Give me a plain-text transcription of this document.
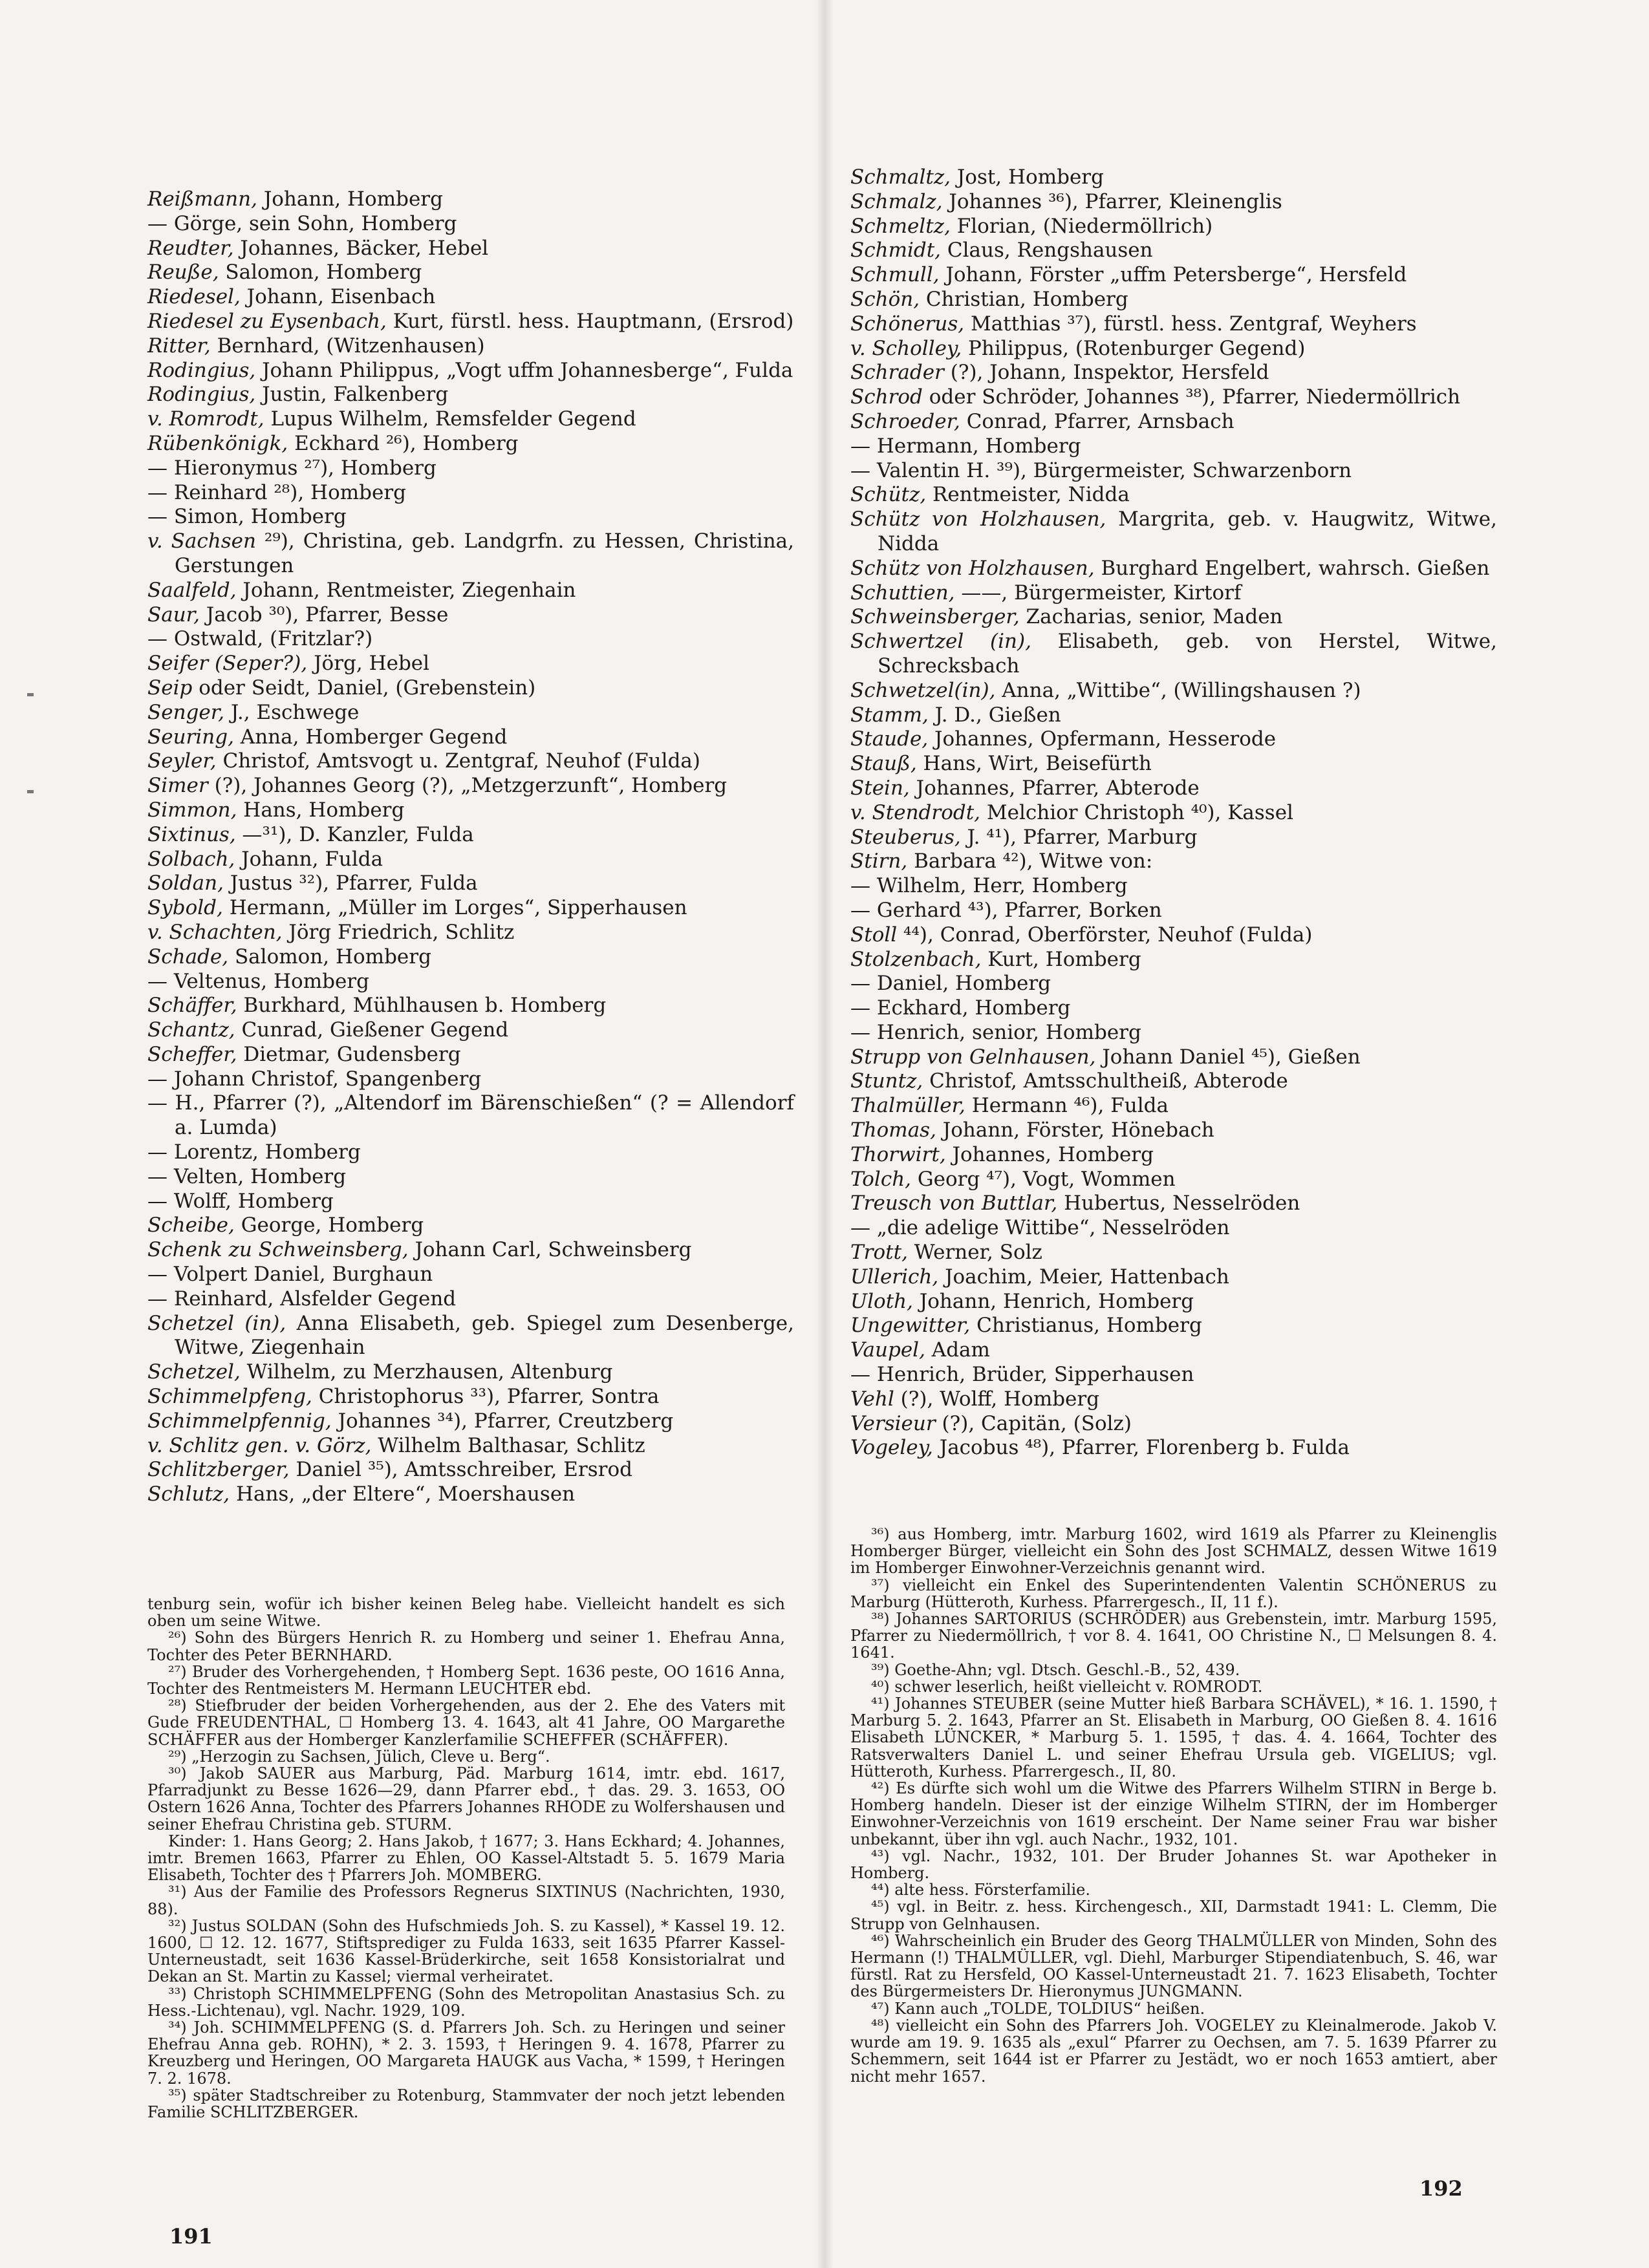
Reißmann, Johann, Homberg
— Görge, sein Sohn, Homberg
Reudter, Johannes, Bäcker, Hebel
Reuße, Salomon, Homberg
Riedesel, Johann, Eisenbach
Riedesel zu Eysenbach, Kurt, fürstl. hess. Hauptmann, (Ersrod)
Ritter, Bernhard, (Witzenhausen)
Rodingius, Johann Philippus, „Vogt uffm Johannesberge“, Fulda
Rodingius, Justin, Falkenberg
v. Romrodt, Lupus Wilhelm, Remsfelder Gegend
Rübenkönigk, Eckhard ²⁶), Homberg
— Hieronymus ²⁷), Homberg
— Reinhard ²⁸), Homberg
— Simon, Homberg
v. Sachsen ²⁹), Christina, geb. Landgrfn. zu Hessen, Christina, Gerstungen
Saalfeld, Johann, Rentmeister, Ziegenhain
Saur, Jacob ³⁰), Pfarrer, Besse
— Ostwald, (Fritzlar?)
Seifer (Seper?), Jörg, Hebel
Seip oder Seidt, Daniel, (Grebenstein)
Senger, J., Eschwege
Seuring, Anna, Homberger Gegend
Seyler, Christof, Amtsvogt u. Zentgraf, Neuhof (Fulda)
Simer (?), Johannes Georg (?), „Metzgerzunft“, Homberg
Simmon, Hans, Homberg
Sixtinus, —³¹), D. Kanzler, Fulda
Solbach, Johann, Fulda
Soldan, Justus ³²), Pfarrer, Fulda
Sybold, Hermann, „Müller im Lorges“, Sipperhausen
v. Schachten, Jörg Friedrich, Schlitz
Schade, Salomon, Homberg
— Veltenus, Homberg
Schäffer, Burkhard, Mühlhausen b. Homberg
Schantz, Cunrad, Gießener Gegend
Scheffer, Dietmar, Gudensberg
— Johann Christof, Spangenberg
— H., Pfarrer (?), „Altendorf im Bärenschießen“ (? = Allendorf a. Lumda)
— Lorentz, Homberg
— Velten, Homberg
— Wolff, Homberg
Scheibe, George, Homberg
Schenk zu Schweinsberg, Johann Carl, Schweinsberg
— Volpert Daniel, Burghaun
— Reinhard, Alsfelder Gegend
Schetzel (in), Anna Elisabeth, geb. Spiegel zum Desenberge, Witwe, Ziegenhain
Schetzel, Wilhelm, zu Merzhausen, Altenburg
Schimmelpfeng, Christophorus ³³), Pfarrer, Sontra
Schimmelpfennig, Johannes ³⁴), Pfarrer, Creutzberg
v. Schlitz gen. v. Görz, Wilhelm Balthasar, Schlitz
Schlitzberger, Daniel ³⁵), Amtsschreiber, Ersrod
Schlutz, Hans, „der Eltere“, Moershausen

tenburg sein, wofür ich bisher keinen Beleg habe. Vielleicht handelt es sich oben um seine Witwe.

²⁶) Sohn des Bürgers Henrich R. zu Homberg und seiner 1. Ehefrau Anna, Tochter des Peter BERNHARD.

²⁷) Bruder des Vorhergehenden, † Homberg Sept. 1636 peste, OO 1616 Anna, Tochter des Rentmeisters M. Hermann LEUCHTER ebd.

²⁸) Stiefbruder der beiden Vorhergehenden, aus der 2. Ehe des Vaters mit Gude FREUDENTHAL, ☐ Homberg 13. 4. 1643, alt 41 Jahre, OO Margarethe SCHÄFFER aus der Homberger Kanzlerfamilie SCHEFFER (SCHÄFFER).

²⁹) „Herzogin zu Sachsen, Jülich, Cleve u. Berg“.

³⁰) Jakob SAUER aus Marburg, Päd. Marburg 1614, imtr. ebd. 1617, Pfarradjunkt zu Besse 1626—29, dann Pfarrer ebd., † das. 29. 3. 1653, OO Ostern 1626 Anna, Tochter des Pfarrers Johannes RHODE zu Wolfershausen und seiner Ehefrau Christina geb. STURM.

Kinder: 1. Hans Georg; 2. Hans Jakob, † 1677; 3. Hans Eckhard; 4. Johannes, imtr. Bremen 1663, Pfarrer zu Ehlen, OO Kassel-Altstadt 5. 5. 1679 Maria Elisabeth, Tochter des † Pfarrers Joh. MOMBERG.

³¹) Aus der Familie des Professors Regnerus SIXTINUS (Nachrichten, 1930, 88).

³²) Justus SOLDAN (Sohn des Hufschmieds Joh. S. zu Kassel), * Kassel 19. 12. 1600, ☐ 12. 12. 1677, Stiftsprediger zu Fulda 1633, seit 1635 Pfarrer Kassel-Unterneustadt, seit 1636 Kassel-Brüderkirche, seit 1658 Konsistorialrat und Dekan an St. Martin zu Kassel; viermal verheiratet.

³³) Christoph SCHIMMELPFENG (Sohn des Metropolitan Anastasius Sch. zu Hess.-Lichtenau), vgl. Nachr. 1929, 109.

³⁴) Joh. SCHIMMELPFENG (S. d. Pfarrers Joh. Sch. zu Heringen und seiner Ehefrau Anna geb. ROHN), * 2. 3. 1593, † Heringen 9. 4. 1678, Pfarrer zu Kreuzberg und Heringen, OO Margareta HAUGK aus Vacha, * 1599, † Heringen 7. 2. 1678.

³⁵) später Stadtschreiber zu Rotenburg, Stammvater der noch jetzt lebenden Familie SCHLITZBERGER.

191
Schmaltz, Jost, Homberg
Schmalz, Johannes ³⁶), Pfarrer, Kleinenglis
Schmeltz, Florian, (Niedermöllrich)
Schmidt, Claus, Rengshausen
Schmull, Johann, Förster „uffm Petersberge“, Hersfeld
Schön, Christian, Homberg
Schönerus, Matthias ³⁷), fürstl. hess. Zentgraf, Weyhers
v. Scholley, Philippus, (Rotenburger Gegend)
Schrader (?), Johann, Inspektor, Hersfeld
Schrod oder Schröder, Johannes ³⁸), Pfarrer, Niedermöllrich
Schroeder, Conrad, Pfarrer, Arnsbach
— Hermann, Homberg
— Valentin H. ³⁹), Bürgermeister, Schwarzenborn
Schütz, Rentmeister, Nidda
Schütz von Holzhausen, Margrita, geb. v. Haugwitz, Witwe, Nidda
Schütz von Holzhausen, Burghard Engelbert, wahrsch. Gießen
Schuttien, ——, Bürgermeister, Kirtorf
Schweinsberger, Zacharias, senior, Maden
Schwertzel (in), Elisabeth, geb. von Herstel, Witwe, Schrecksbach
Schwetzel(in), Anna, „Wittibe“, (Willingshausen ?)
Stamm, J. D., Gießen
Staude, Johannes, Opfermann, Hesserode
Stauß, Hans, Wirt, Beisefürth
Stein, Johannes, Pfarrer, Abterode
v. Stendrodt, Melchior Christoph ⁴⁰), Kassel
Steuberus, J. ⁴¹), Pfarrer, Marburg
Stirn, Barbara ⁴²), Witwe von:
— Wilhelm, Herr, Homberg
— Gerhard ⁴³), Pfarrer, Borken
Stoll ⁴⁴), Conrad, Oberförster, Neuhof (Fulda)
Stolzenbach, Kurt, Homberg
— Daniel, Homberg
— Eckhard, Homberg
— Henrich, senior, Homberg
Strupp von Gelnhausen, Johann Daniel ⁴⁵), Gießen
Stuntz, Christof, Amtsschultheiß, Abterode
Thalmüller, Hermann ⁴⁶), Fulda
Thomas, Johann, Förster, Hönebach
Thorwirt, Johannes, Homberg
Tolch, Georg ⁴⁷), Vogt, Wommen
Treusch von Buttlar, Hubertus, Nesselröden
— „die adelige Wittibe“, Nesselröden
Trott, Werner, Solz
Ullerich, Joachim, Meier, Hattenbach
Uloth, Johann, Henrich, Homberg
Ungewitter, Christianus, Homberg
Vaupel, Adam
— Henrich, Brüder, Sipperhausen
Vehl (?), Wolff, Homberg
Versieur (?), Capitän, (Solz)
Vogeley, Jacobus ⁴⁸), Pfarrer, Florenberg b. Fulda

³⁶) aus Homberg, imtr. Marburg 1602, wird 1619 als Pfarrer zu Kleinenglis Homberger Bürger, vielleicht ein Sohn des Jost SCHMALZ, dessen Witwe 1619 im Homberger Einwohner-Verzeichnis genannt wird.

³⁷) vielleicht ein Enkel des Superintendenten Valentin SCHÖNERUS zu Marburg (Hütteroth, Kurhess. Pfarrergesch., II, 11 f.).

³⁸) Johannes SARTORIUS (SCHRÖDER) aus Grebenstein, imtr. Marburg 1595, Pfarrer zu Niedermöllrich, † vor 8. 4. 1641, OO Christine N., ☐ Melsungen 8. 4. 1641.

³⁹) Goethe-Ahn; vgl. Dtsch. Geschl.-B., 52, 439.

⁴⁰) schwer leserlich, heißt vielleicht v. ROMRODT.

⁴¹) Johannes STEUBER (seine Mutter hieß Barbara SCHÄVEL), * 16. 1. 1590, † Marburg 5. 2. 1643, Pfarrer an St. Elisabeth in Marburg, OO Gießen 8. 4. 1616 Elisabeth LÜNCKER, * Marburg 5. 1. 1595, † das. 4. 4. 1664, Tochter des Ratsverwalters Daniel L. und seiner Ehefrau Ursula geb. VIGELIUS; vgl. Hütteroth, Kurhess. Pfarrergesch., II, 80.

⁴²) Es dürfte sich wohl um die Witwe des Pfarrers Wilhelm STIRN in Berge b. Homberg handeln. Dieser ist der einzige Wilhelm STIRN, der im Homberger Einwohner-Verzeichnis von 1619 erscheint. Der Name seiner Frau war bisher unbekannt, über ihn vgl. auch Nachr., 1932, 101.

⁴³) vgl. Nachr., 1932, 101. Der Bruder Johannes St. war Apotheker in Homberg.

⁴⁴) alte hess. Försterfamilie.

⁴⁵) vgl. in Beitr. z. hess. Kirchengesch., XII, Darmstadt 1941: L. Clemm, Die Strupp von Gelnhausen.

⁴⁶) Wahrscheinlich ein Bruder des Georg THALMÜLLER von Minden, Sohn des Hermann (!) THALMÜLLER, vgl. Diehl, Marburger Stipendiatenbuch, S. 46, war fürstl. Rat zu Hersfeld, OO Kassel-Unterneustadt 21. 7. 1623 Elisabeth, Tochter des Bürgermeisters Dr. Hieronymus JUNGMANN.

⁴⁷) Kann auch „TOLDE, TOLDIUS“ heißen.

⁴⁸) vielleicht ein Sohn des Pfarrers Joh. VOGELEY zu Kleinalmerode. Jakob V. wurde am 19. 9. 1635 als „exul“ Pfarrer zu Oechsen, am 7. 5. 1639 Pfarrer zu Schemmern, seit 1644 ist er Pfarrer zu Jestädt, wo er noch 1653 amtiert, aber nicht mehr 1657.

192
